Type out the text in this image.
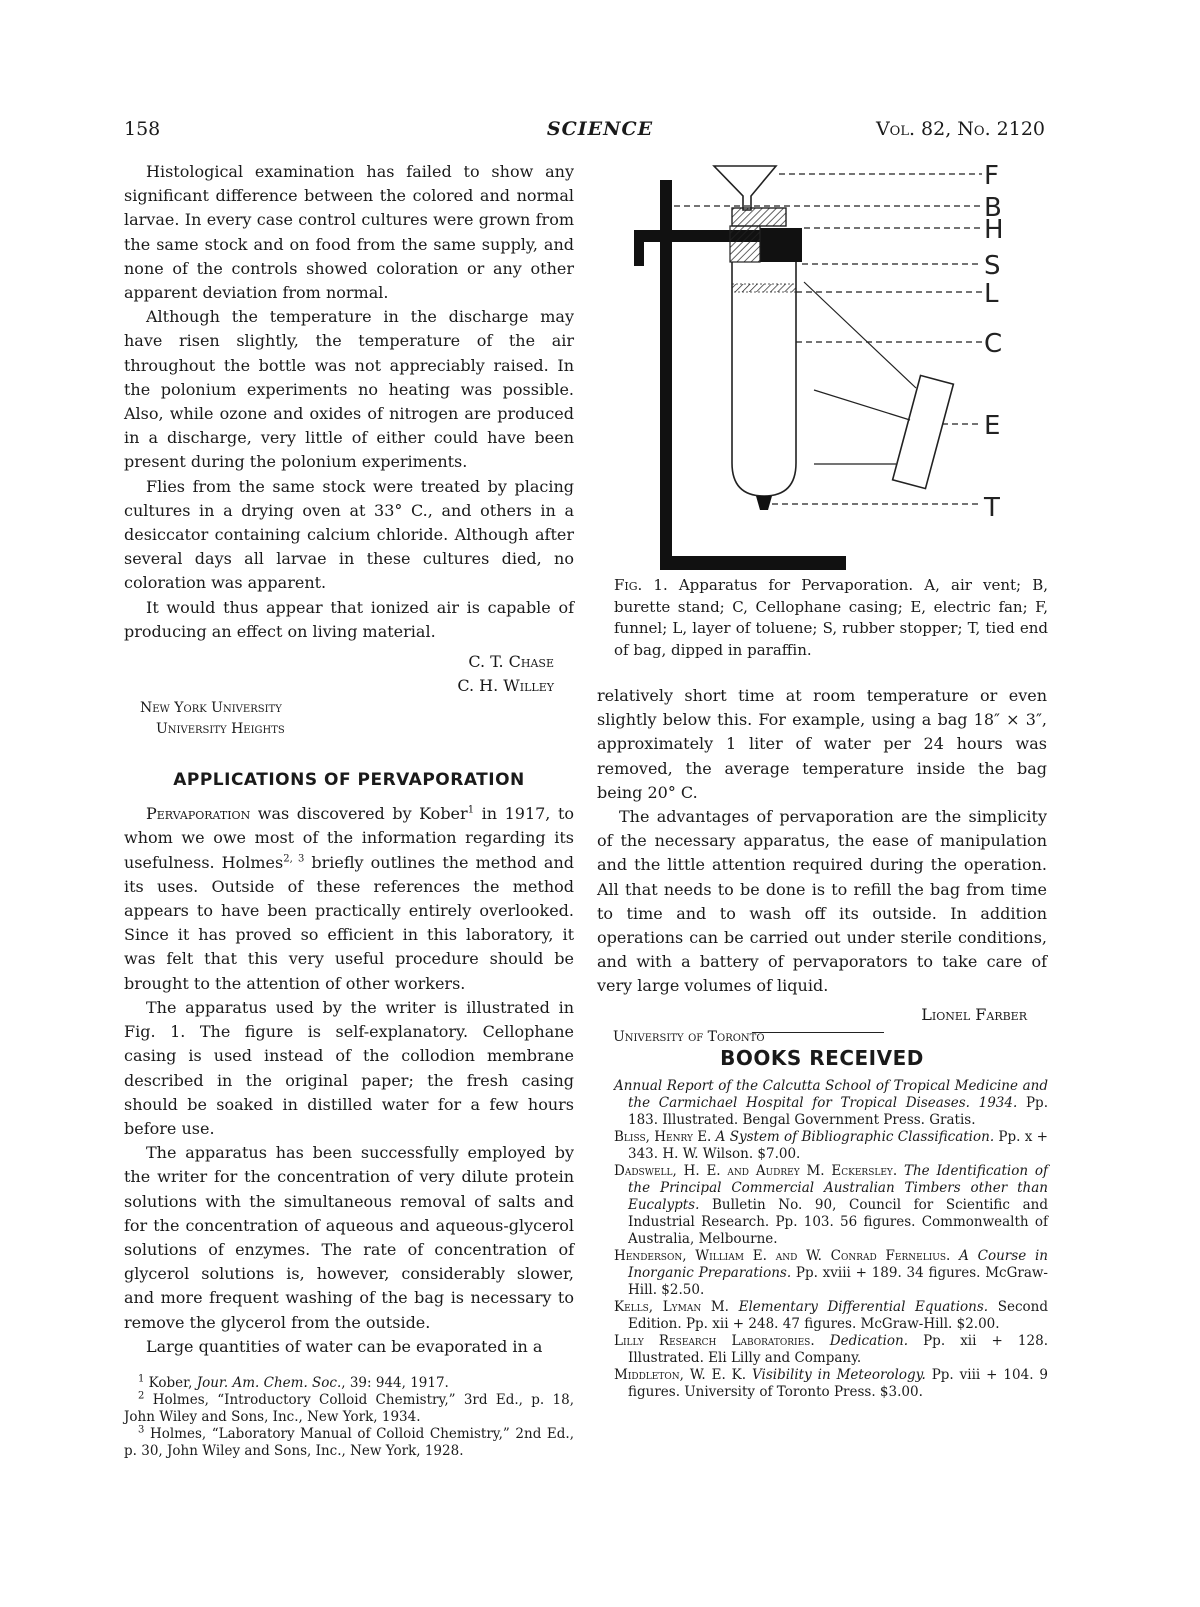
158	SCIENCE	Vol. 82, No. 2120

Histological examination has failed to show any significant difference between the colored and normal larvae. In every case control cultures were grown from the same stock and on food from the same supply, and none of the controls showed coloration or any other apparent deviation from normal.

Although the temperature in the discharge may have risen slightly, the temperature of the air throughout the bottle was not appreciably raised. In the polonium experiments no heating was possible. Also, while ozone and oxides of nitrogen are produced in a discharge, very little of either could have been present during the polonium experiments.

Flies from the same stock were treated by placing cultures in a drying oven at 33° C., and others in a desiccator containing calcium chloride. Although after several days all larvae in these cultures died, no coloration was apparent.

It would thus appear that ionized air is capable of producing an effect on living material.

C. T. Chase
C. H. Willey
New York University
University Heights
APPLICATIONS OF PERVAPORATION

Pervaporation was discovered by Kober$^1$ in 1917, to whom we owe most of the information regarding its usefulness. Holmes$^{2, 3}$ briefly outlines the method and its uses. Outside of these references the method appears to have been practically entirely overlooked. Since it has proved so efficient in this laboratory, it was felt that this very useful procedure should be brought to the attention of other workers.

The apparatus used by the writer is illustrated in Fig. 1. The figure is self-explanatory. Cellophane casing is used instead of the collodion membrane described in the original paper; the fresh casing should be soaked in distilled water for a few hours before use.

The apparatus has been successfully employed by the writer for the concentration of very dilute protein solutions with the simultaneous removal of salts and for the concentration of aqueous and aqueous-glycerol solutions of enzymes. The rate of concentration of glycerol solutions is, however, considerably slower, and more frequent washing of the bag is necessary to remove the glycerol from the outside.

Large quantities of water can be evaporated in a

$^1$ Kober, Jour. Am. Chem. Soc., 39: 944, 1917.

$^2$ Holmes, “Introductory Colloid Chemistry,” 3rd Ed., p. 18, John Wiley and Sons, Inc., New York, 1934.

$^3$ Holmes, “Laboratory Manual of Colloid Chemistry,” 2nd Ed., p. 30, John Wiley and Sons, Inc., New York, 1928.

F
B
H
S
L
C
E
T
Fig. 1. Apparatus for Pervaporation. A, air vent; B, burette stand; C, Cellophane casing; E, electric fan; F, funnel; L, layer of toluene; S, rubber stopper; T, tied end of bag, dipped in paraffin.

relatively short time at room temperature or even slightly below this. For example, using a bag 18″ × 3″, approximately 1 liter of water per 24 hours was removed, the average temperature inside the bag being 20° C.

The advantages of pervaporation are the simplicity of the necessary apparatus, the ease of manipulation and the little attention required during the operation. All that needs to be done is to refill the bag from time to time and to wash off its outside. In addition operations can be carried out under sterile conditions, and with a battery of pervaporators to take care of very large volumes of liquid.

Lionel Farber
University of Toronto
BOOKS RECEIVED

Annual Report of the Calcutta School of Tropical Medicine and the Carmichael Hospital for Tropical Diseases. 1934. Pp. 183. Illustrated. Bengal Government Press. Gratis.

Bliss, Henry E. A System of Bibliographic Classification. Pp. x + 343. H. W. Wilson. $7.00.

Dadswell, H. E. and Audrey M. Eckersley. The Identification of the Principal Commercial Australian Timbers other than Eucalypts. Bulletin No. 90, Council for Scientific and Industrial Research. Pp. 103. 56 figures. Commonwealth of Australia, Melbourne.

Henderson, William E. and W. Conrad Fernelius. A Course in Inorganic Preparations. Pp. xviii + 189. 34 figures. McGraw-Hill. $2.50.

Kells, Lyman M. Elementary Differential Equations. Second Edition. Pp. xii + 248. 47 figures. McGraw-Hill. $2.00.

Lilly Research Laboratories. Dedication. Pp. xii + 128. Illustrated. Eli Lilly and Company.

Middleton, W. E. K. Visibility in Meteorology. Pp. viii + 104. 9 figures. University of Toronto Press. $3.00.
